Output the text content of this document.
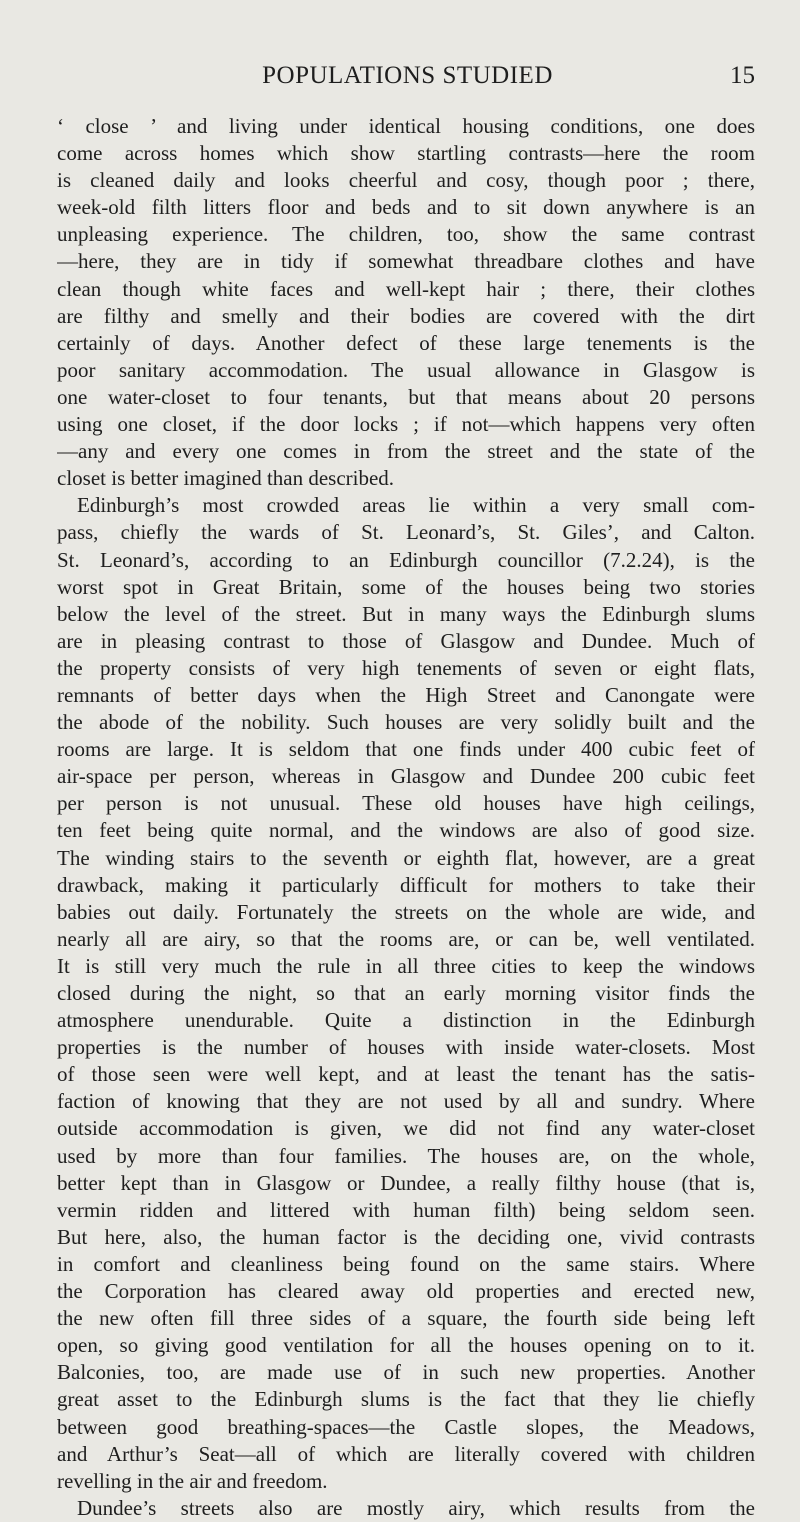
POPULATIONS STUDIED	15
‘ close ’ and living under identical housing conditions, one does
come across homes which show startling contrasts—here the room
is cleaned daily and looks cheerful and cosy, though poor ; there,
week-old filth litters floor and beds and to sit down anywhere is an
unpleasing experience. The children, too, show the same contrast
—here, they are in tidy if somewhat threadbare clothes and have
clean though white faces and well-kept hair ; there, their clothes
are filthy and smelly and their bodies are covered with the dirt
certainly of days. Another defect of these large tenements is the
poor sanitary accommodation. The usual allowance in Glasgow is
one water-closet to four tenants, but that means about 20 persons
using one closet, if the door locks ; if not—which happens very often
—any and every one comes in from the street and the state of the
closet is better imagined than described.
Edinburgh’s most crowded areas lie within a very small com-
pass, chiefly the wards of St. Leonard’s, St. Giles’, and Calton.
St. Leonard’s, according to an Edinburgh councillor (7.2.24), is the
worst spot in Great Britain, some of the houses being two stories
below the level of the street. But in many ways the Edinburgh slums
are in pleasing contrast to those of Glasgow and Dundee. Much of
the property consists of very high tenements of seven or eight flats,
remnants of better days when the High Street and Canongate were
the abode of the nobility. Such houses are very solidly built and the
rooms are large. It is seldom that one finds under 400 cubic feet of
air-space per person, whereas in Glasgow and Dundee 200 cubic feet
per person is not unusual. These old houses have high ceilings,
ten feet being quite normal, and the windows are also of good size.
The winding stairs to the seventh or eighth flat, however, are a great
drawback, making it particularly difficult for mothers to take their
babies out daily. Fortunately the streets on the whole are wide, and
nearly all are airy, so that the rooms are, or can be, well ventilated.
It is still very much the rule in all three cities to keep the windows
closed during the night, so that an early morning visitor finds the
atmosphere unendurable. Quite a distinction in the Edinburgh
properties is the number of houses with inside water-closets. Most
of those seen were well kept, and at least the tenant has the satis-
faction of knowing that they are not used by all and sundry. Where
outside accommodation is given, we did not find any water-closet
used by more than four families. The houses are, on the whole,
better kept than in Glasgow or Dundee, a really filthy house (that is,
vermin ridden and littered with human filth) being seldom seen.
But here, also, the human factor is the deciding one, vivid contrasts
in comfort and cleanliness being found on the same stairs. Where
the Corporation has cleared away old properties and erected new,
the new often fill three sides of a square, the fourth side being left
open, so giving good ventilation for all the houses opening on to it.
Balconies, too, are made use of in such new properties. Another
great asset to the Edinburgh slums is the fact that they lie chiefly
between good breathing-spaces—the Castle slopes, the Meadows,
and Arthur’s Seat—all of which are literally covered with children
revelling in the air and freedom.
Dundee’s streets also are mostly airy, which results from the
